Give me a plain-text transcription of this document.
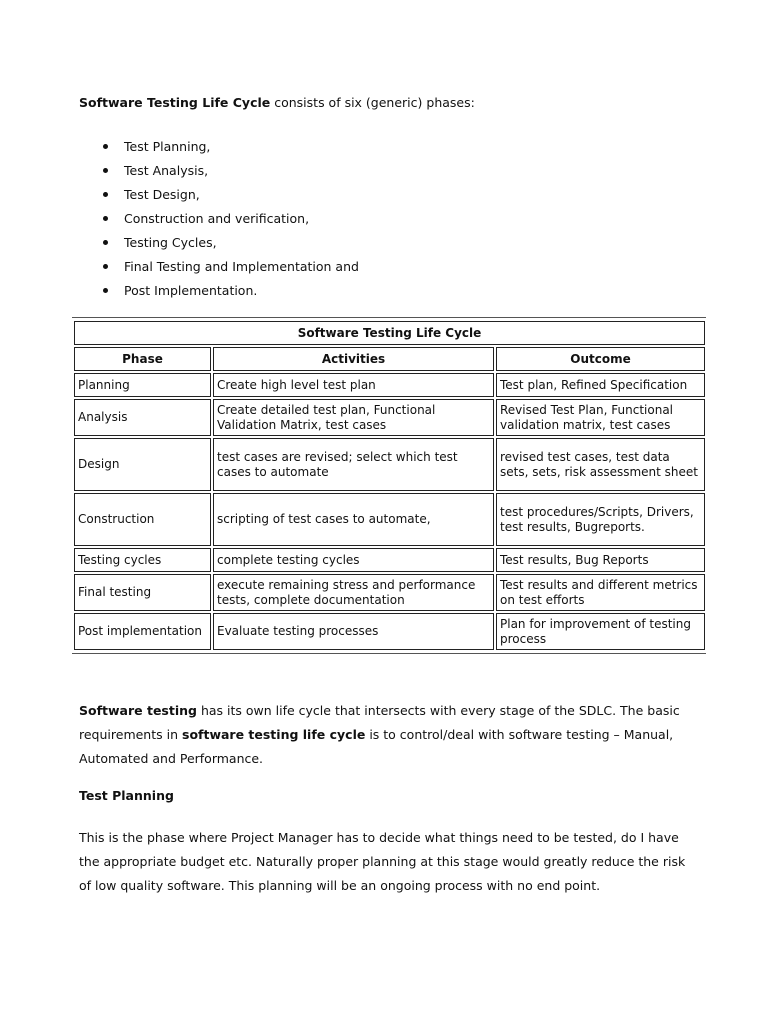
Software Testing Life Cycle consists of six (generic) phases:

Test Planning,
Test Analysis,
Test Design,
Construction and verification,
Testing Cycles,
Final Testing and Implementation and
Post Implementation.
Software Testing Life Cycle		
Phase	Activities	Outcome
Planning	Create high level test plan	Test plan, Refined Specification
Analysis	Create detailed test plan, Functional Validation Matrix, test cases	Revised Test Plan, Functional validation matrix, test cases
Design	test cases are revised; select which test cases to automate	revised test cases, test data sets, sets, risk assessment sheet
Construction	scripting of test cases to automate,	test procedures/Scripts, Drivers, test results, Bugreports.
Testing cycles	complete testing cycles	Test results, Bug Reports
Final testing	execute remaining stress and performance tests, complete documentation	Test results and different metrics on test efforts
Post implementation	Evaluate testing processes	Plan for improvement of testing process

Software testing has its own life cycle that intersects with every stage of the SDLC. The basic requirements in software testing life cycle is to control/deal with software testing – Manual, Automated and Performance.

Test Planning

This is the phase where Project Manager has to decide what things need to be tested, do I have the appropriate budget etc. Naturally proper planning at this stage would greatly reduce the risk of low quality software. This planning will be an ongoing process with no end point.
